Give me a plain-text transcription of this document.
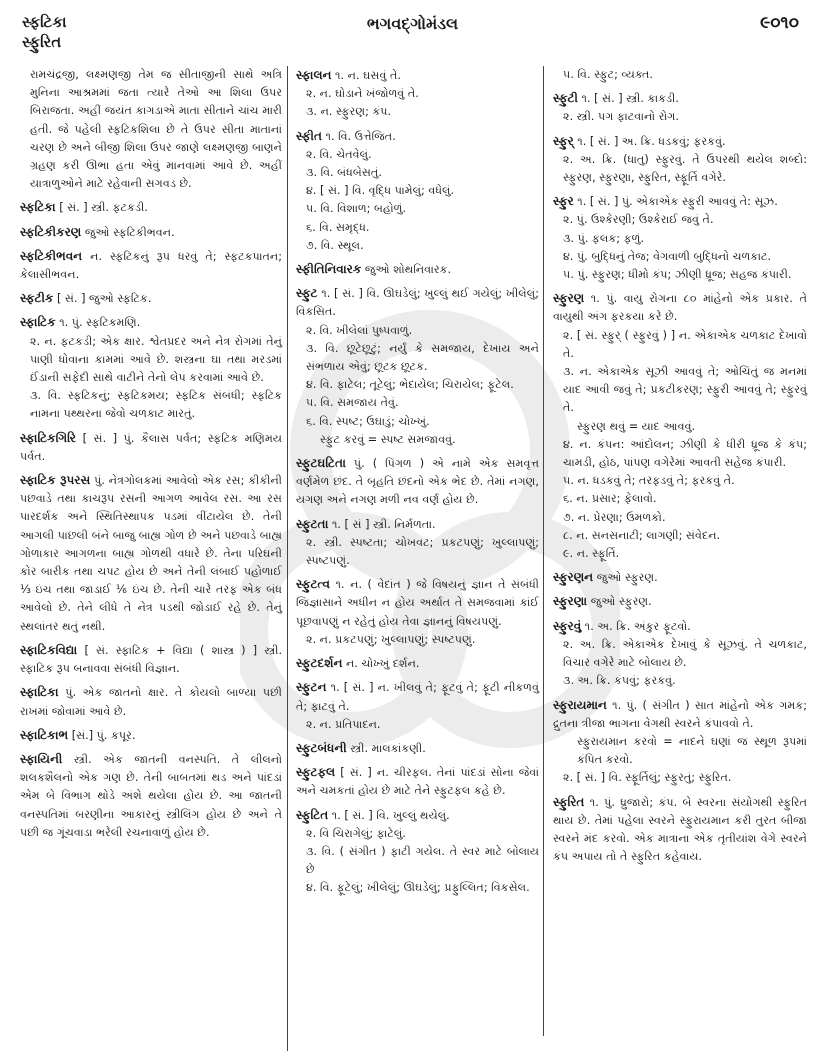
સ્ફટિકા
સ્ફુરિત
ભગવદ્ગોમંડલ	૯૦૧૦

રામચંદ્રજી, લક્ષ્મણજી તેમ જ સીતાજીની સાથે અત્રિ મુનિના આશ્રમમાં જતા ત્યારે તેઓ આ શિલા ઉપર બિરાજતા. અહીં જયંત કાગડાએ માતા સીતાને ચાંચ મારી હતી. જે પહેલી સ્ફટિકશિલા છે તે ઉપર સીતા માતાનાં ચરણ છે અને બીજી શિલા ઉપર જાણે લક્ષ્મણજી બાણને ગ્રહણ કરી ઊભા હતા એવું માનવામાં આવે છે. અહીં યાત્રાળુઓને માટે રહેવાની સગવડ છે.

સ્ફટિકા [ સં. ] સ્ત્રી. ફટકડી.

સ્ફટિકીકરણ જુઓ સ્ફટિકીભવન.

સ્ફટિકીભવન ન. સ્ફટિકનું રૂપ ધરવું તે; સ્ફટકપાતન; કેલાસીભવન.

સ્ફટીક [ સં. ] જુઓ સ્ફટિક.

સ્ફાટિક ૧. પું. સ્ફટિકમણિ.

૨. ન. ફટકડી; એક ક્ષાર. શ્વેતપ્રદર અને નેત્ર રોગમાં તેનું પાણી ધોવાના કામમાં આવે છે. શસ્ત્રના ઘા તથા મરડમાં ઈંડાની સફેદી સાથે વાટીને તેનો લેપ કરવામાં આવે છે.

૩. વિ. સ્ફટિકનું; સ્ફટિકમય; સ્ફટિક સંબંધી; સ્ફટિક નામના પથ્થરના જેવો ચળકાટ મારતું.

સ્ફાટિકગિરિ [ સં. ] પું. કૈલાસ પર્વત; સ્ફટિક મણિમય પર્વત.

સ્ફાટિક રૂપરસ પું. નેત્રગોલકમાં આવેલો એક રસ; કીકીની પછવાડે તથા કાચરૂપ રસની આગળ આવેલ રસ. આ રસ પારદર્શક અને સ્થિતિસ્થાપક પડમાં વીંટાયેલ છે. તેની આગલી પાછલી બંને બાજુ બાહ્ય ગોળ છે અને પછવાડે બાહ્ય ગોળાકાર આગળના બાહ્ય ગોળથી વધારે છે. તેના પરિઘની કોર બારીક તથા ચપટ હોય છે અને તેની લંબાઈ પહોળાઈ ⅓ ઇંચ તથા જાડાઈ ⅙ ઇંચ છે. તેની ચારે તરફ એક બંધ આવેલો છે. તેને લીધે તે નેત્ર પડથી જોડાઈ રહે છે. તેનું સ્થલાંતર થતું નથી.

સ્ફાટિકવિદ્યા [ સં. સ્ફાટિક + વિદ્યા ( શાસ્ત્ર ) ] સ્ત્રી. સ્ફાટિક રૂપ બનાવવા સંબંધી વિજ્ઞાન.

સ્ફાટિકા પું. એક જાતનો ક્ષાર. તે કોયલો બાળ્યા પછી રાખમાં જોવામાં આવે છે.

સ્ફાટિકાભ [સં.] પું. કપૂર.

સ્ફાયિની સ્ત્રી. એક જાતની વનસ્પતિ. તે લીલનો શલકશૈલનો એક ગણ છે. તેની બાબતમાં થડ અને પાંદડાં એમ બે વિભાગ થોડે અંશે થયેલા હોય છે. આ જાતની વનસ્પતિમાં બરણીના આકારનું સ્ત્રીલિંગ હોય છે અને તે પછી જ ગૂંચવાડા ભરેલી રચનાવાળું હોય છે.

સ્ફાલન ૧. ન. ઘસવું તે.

૨. ન. ઘોડાને ખંજોળવું તે.

૩. ન. સ્ફુરણ; કંપ.

સ્ફીત ૧. વિ. ઉત્તેજિત.

૨. વિ. ચેતવેલું.

૩. વિ. બંધબેસતું.

૪. [ સં. ] વિ. વૃદ્ધિ પામેલું; વધેલું.

૫. વિ. વિશાળ; બહોળું.

૬. વિ. સમૃદ્ધ.

૭. વિ. સ્થૂલ.

સ્ફીતિનિવારક જુઓ શોથનિવારક.

સ્ફુટ ૧. [ સં. ] વિ. ઊઘડેલું; ખુલ્લું થઈ ગયેલું; ખીલેલું; વિકસિત.

૨. વિ. ખીલેલાં પુષ્પવાળું.

૩. વિ. છૂટેછૂટું; નર્યું કે સમજાય, દેખાય અને સંભળાય એવું; છૂટક છૂટક.

૪. વિ. ફાટેલ; તૂટેલું; ભેદાયેલ; ચિરાયેલ; ફૂટેલ.

૫. વિ. સમજાય તેવું.

૬. વિ. સ્પષ્ટ; ઉઘાડું; ચોખ્ખું.

સ્ફુટ કરવું = સ્પષ્ટ સમજાવવું.

સ્ફુટઘટિતા પું. ( પિંગળ ) એ નામે એક સમવૃત્ત વર્ણમેળ છંદ. તે બૃહતિ છંદનો એક ભેદ છે. તેમાં નગણ, યગણ અને નગણ મળી નવ વર્ણ હોય છે.

સ્ફુટતા ૧. [ સં ] સ્ત્રી. નિર્મળતા.

૨. સ્ત્રી. સ્પષ્ટતા; ચોખવટ; પ્રકટપણું; ખુલ્લાપણું; સ્પષ્ટપણું.

સ્ફુટત્વ ૧. ન. ( વેદાંત ) જે વિષયનું જ્ઞાન તે સંબંધી જિજ્ઞાસાને અધીન ન હોય અર્થાત તે સમજવામાં કાંઈ પૂછવાપણું ન રહેતું હોય તેવા જ્ઞાનનું વિષયપણું.

૨. ન. પ્રકટપણું; ખુલ્લાપણું; સ્પષ્ટપણું.

સ્ફુટદર્શન ન. ચોખ્ખું દર્શન.

સ્ફુટન ૧. [ સં. ] ન. ખીલવું તે; ફૂટવું તે; ફૂટી નીકળવું તે; ફાટવું તે.

૨. ન. પ્રતિપાદન.

સ્ફુટબંધની સ્ત્રી. માલકાંકણી.

સ્ફુટફલ [ સં. ] ન. ચીરફલ. તેનાં પાંદડાં સોના જેવાં અને ચમકતાં હોય છે માટે તેને સ્ફુટફલ કહે છે.

સ્ફુટિત ૧. [ સં. ] વિ. ખુલ્લું થયેલું.

૨. વિ ચિરાગેલું; ફાટેલું.

૩. વિ. ( સંગીત ) ફાટી ગયેલ. તે સ્વર માટે બોલાય છે

૪. વિ. ફૂટેલું; ખીલેલું; ઊઘડેલું; પ્રફુલ્લિત; વિકસેલ.

૫. વિ. સ્ફુટ; વ્યક્ત.

સ્ફુટી ૧. [ સં. ] સ્ત્રી. કાકડી.

૨. સ્ત્રી. પગ ફાટવાનો રોગ.

સ્ફુર્ ૧. [ સં. ] અ. ક્રિ. ધડકવું; ફરકવું.

૨. અ. ક્રિ. (ધાતુ) સ્ફુરવું. તે ઉપરથી થયેલ શબ્દો: સ્ફુરણ, સ્ફુરણા, સ્ફુરિત, સ્ફૂર્તિ વગેરે.

સ્ફુર ૧. [ સં. ] પું. એકાએક સ્ફુરી આવવું તે: સૂઝ.

૨. પું. ઉશ્કેરણી; ઉશ્કેરાઈ જવું તે.

૩. પું. ફલક; ફળું.

૪. પું. બુદ્ધિનું તેજ; વેગવાળી બુદ્ધિનો ચળકાટ.

૫. પું. સ્ફુરણ; ધીમો કંપ; ઝીણી ધ્રૂજ; સહજ કંપારી.

સ્ફુરણ ૧. પું. વાયુ રોગના ૮૦ માંહેનો એક પ્રકાર. તે વાયુથી અંગ ફરકયા કરે છે.

૨. [ સં. સ્ફુર્ ( સ્ફુરવું ) ] ન. એકાએક ચળકાટ દેખાવો તે.

૩. ન. એકાએક સૂઝી આવવું તે; ઓચિંતું જ મનમાં યાદ આવી જવું તે; પ્રકટીકરણ; સ્ફુરી આવવું તે; સ્ફુરવું તે.

સ્ફુરણ થવું = યાદ આવવું.

૪. ન. કંપન: આંદોલન; ઝીણી કે ધીરી ધ્રૂજ કે કંપ; ચામડી, હોઠ, પાંપણ વગેરેમાં આવતી સહેજ કંપારી.

૫. ન. ધડકવું તે; તરફડવું તે; ફરકવું તે.

૬. ન. પ્રસાર; ફેલાવો.

૭. ન. પ્રેરણા; ઉમળકો.

૮. ન. સનસનાટી; લાગણી; સંવેદન.

૯. ન. સ્ફૂર્તિ.

સ્ફુરણન જુઓ સ્ફુરણ.

સ્ફુરણા જુઓ સ્ફુરણ.

સ્ફુરવું ૧. અ. ક્રિ. અંકુર ફૂટવો.

૨. અ. ક્રિ. એકાએક દેખાવું કે સૂઝવું. તે ચળકાટ, વિચાર વગેરે માટે બોલાય છે.

૩. અ. ક્રિ. કંપવું; ફરકવું.

સ્ફુરાયમાન ૧. પું. ( સંગીત ) સાત માંહેનો એક ગમક; દ્રુતના ત્રીજા ભાગના વેગથી સ્વરને કંપાવવો તે.

સ્ફુરાયમાન કરવો = નાદને ઘણાં જ સ્થૂળ રૂપમાં કંપિત કરવો.

૨. [ સં. ] વિ. સ્ફૂર્તિલું; સ્ફુરતું; સ્ફુરિત.

સ્ફુરિત ૧. પું. ધ્રુજારો; કંપ. બે સ્વરના સંયોગથી સ્ફુરિત થાય છે. તેમાં પહેલા સ્વરને સ્ફુરાયમાન કરી તુરત બીજા સ્વરને મંદ કરવો. એક માત્રાના એક તૃતીયાંશ વેગે સ્વરને કંપ અપાય તો તે સ્ફુરિત કહેવાય.
